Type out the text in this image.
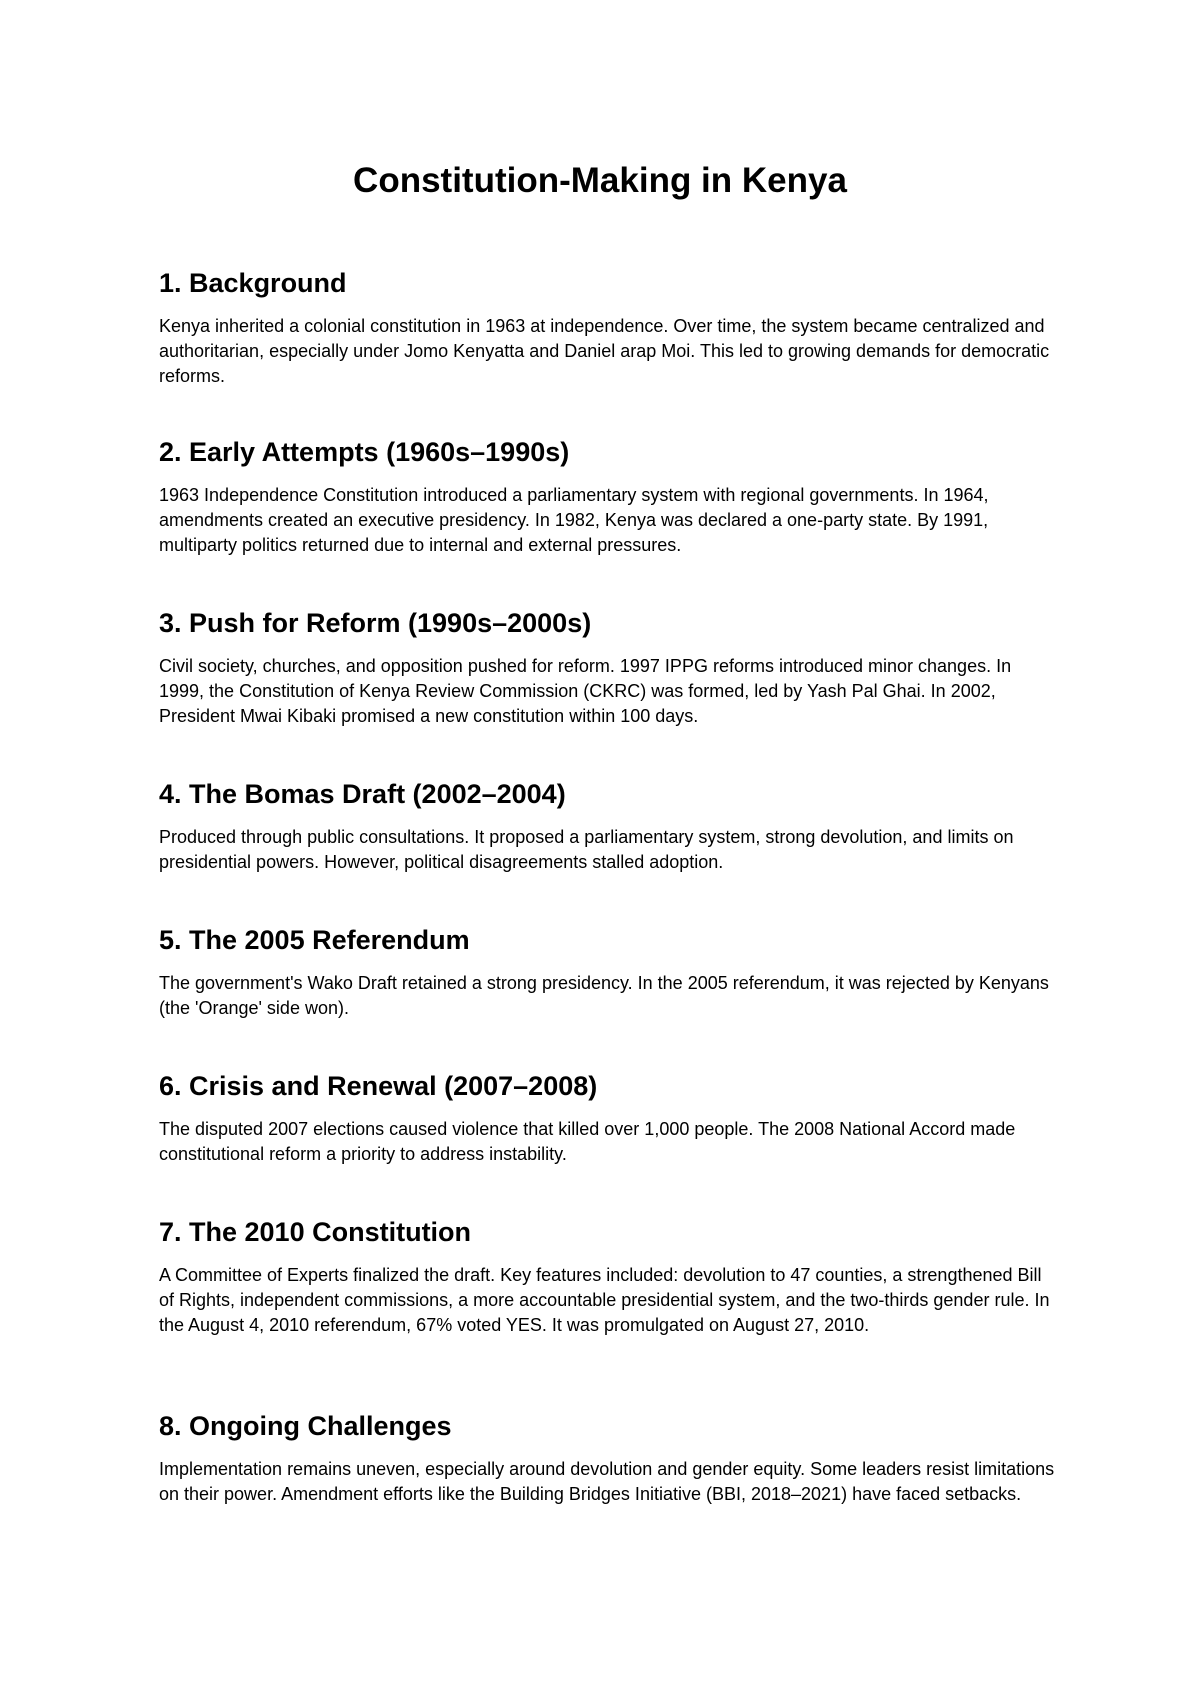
Constitution-Making in Kenya
1. Background

Kenya inherited a colonial constitution in 1963 at independence. Over time, the system became centralized and authoritarian, especially under Jomo Kenyatta and Daniel arap Moi. This led to growing demands for democratic reforms.

2. Early Attempts (1960s–1990s)

1963 Independence Constitution introduced a parliamentary system with regional governments. In 1964, amendments created an executive presidency. In 1982, Kenya was declared a one-party state. By 1991, multiparty politics returned due to internal and external pressures.

3. Push for Reform (1990s–2000s)

Civil society, churches, and opposition pushed for reform. 1997 IPPG reforms introduced minor changes. In 1999, the Constitution of Kenya Review Commission (CKRC) was formed, led by Yash Pal Ghai. In 2002, President Mwai Kibaki promised a new constitution within 100 days.

4. The Bomas Draft (2002–2004)

Produced through public consultations. It proposed a parliamentary system, strong devolution, and limits on presidential powers. However, political disagreements stalled adoption.

5. The 2005 Referendum

The government's Wako Draft retained a strong presidency. In the 2005 referendum, it was rejected by Kenyans (the 'Orange' side won).

6. Crisis and Renewal (2007–2008)

The disputed 2007 elections caused violence that killed over 1,000 people. The 2008 National Accord made constitutional reform a priority to address instability.

7. The 2010 Constitution

A Committee of Experts finalized the draft. Key features included: devolution to 47 counties, a strengthened Bill of Rights, independent commissions, a more accountable presidential system, and the two-thirds gender rule. In the August 4, 2010 referendum, 67% voted YES. It was promulgated on August 27, 2010.

8. Ongoing Challenges

Implementation remains uneven, especially around devolution and gender equity. Some leaders resist limitations on their power. Amendment efforts like the Building Bridges Initiative (BBI, 2018–2021) have faced setbacks.
